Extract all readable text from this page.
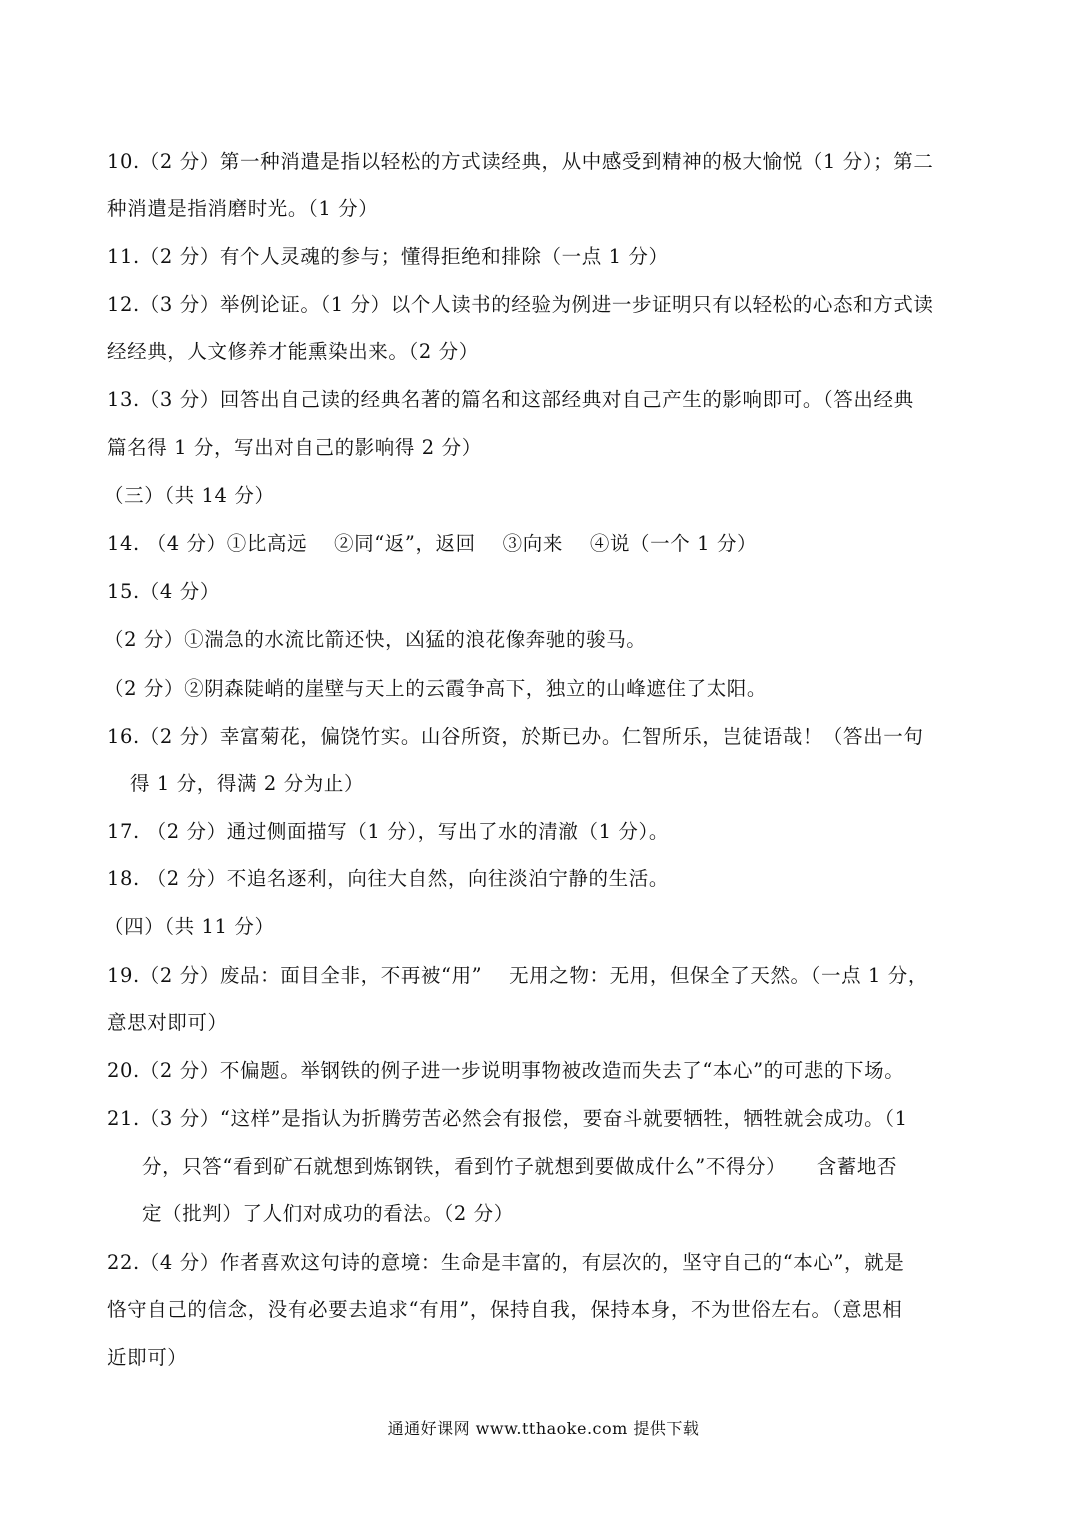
10.（2 分）第一种消遣是指以轻松的方式读经典，从中感受到精神的极大愉悦（1 分）；第二
种消遣是指消磨时光。（1 分）
11.（2 分）有个人灵魂的参与；懂得拒绝和排除（一点 1 分）
12.（3 分）举例论证。（1 分）以个人读书的经验为例进一步证明只有以轻松的心态和方式读
经经典，人文修养才能熏染出来。（2 分）
13.（3 分）回答出自己读的经典名著的篇名和这部经典对自己产生的影响即可。（答出经典
篇名得 1 分，写出对自己的影响得 2 分）
（三）（共 14 分）
14. （4 分）①比高远　 ②同“返”，返回　 ③向来　 ④说（一个 1 分）
15.（4 分）
（2 分）①湍急的水流比箭还快，凶猛的浪花像奔驰的骏马。
（2 分）②阴森陡峭的崖壁与天上的云霞争高下，独立的山峰遮住了太阳。
16.（2 分）幸富菊花，偏饶竹实。山谷所资，於斯已办。仁智所乐，岂徒语哉！（答出一句
得 1 分，得满 2 分为止）
17. （2 分）通过侧面描写（1 分），写出了水的清澈（1 分）。
18. （2 分）不追名逐利，向往大自然，向往淡泊宁静的生活。
（四）（共 11 分）
19.（2 分）废品：面目全非，不再被“用”　 无用之物：无用，但保全了天然。（一点 1 分，
意思对即可）
20.（2 分）不偏题。举钢铁的例子进一步说明事物被改造而失去了“本心”的可悲的下场。
21.（3 分）“这样”是指认为折腾劳苦必然会有报偿，要奋斗就要牺牲，牺牲就会成功。（1
分，只答“看到矿石就想到炼钢铁，看到竹子就想到要做成什么”不得分）　　含蓄地否
定（批判）了人们对成功的看法。（2 分）
22.（4 分）作者喜欢这句诗的意境：生命是丰富的，有层次的，坚守自己的“本心”，就是
恪守自己的信念，没有必要去追求“有用”，保持自我，保持本身，不为世俗左右。（意思相
近即可）
通通好课网 www.tthaoke.com 提供下载
